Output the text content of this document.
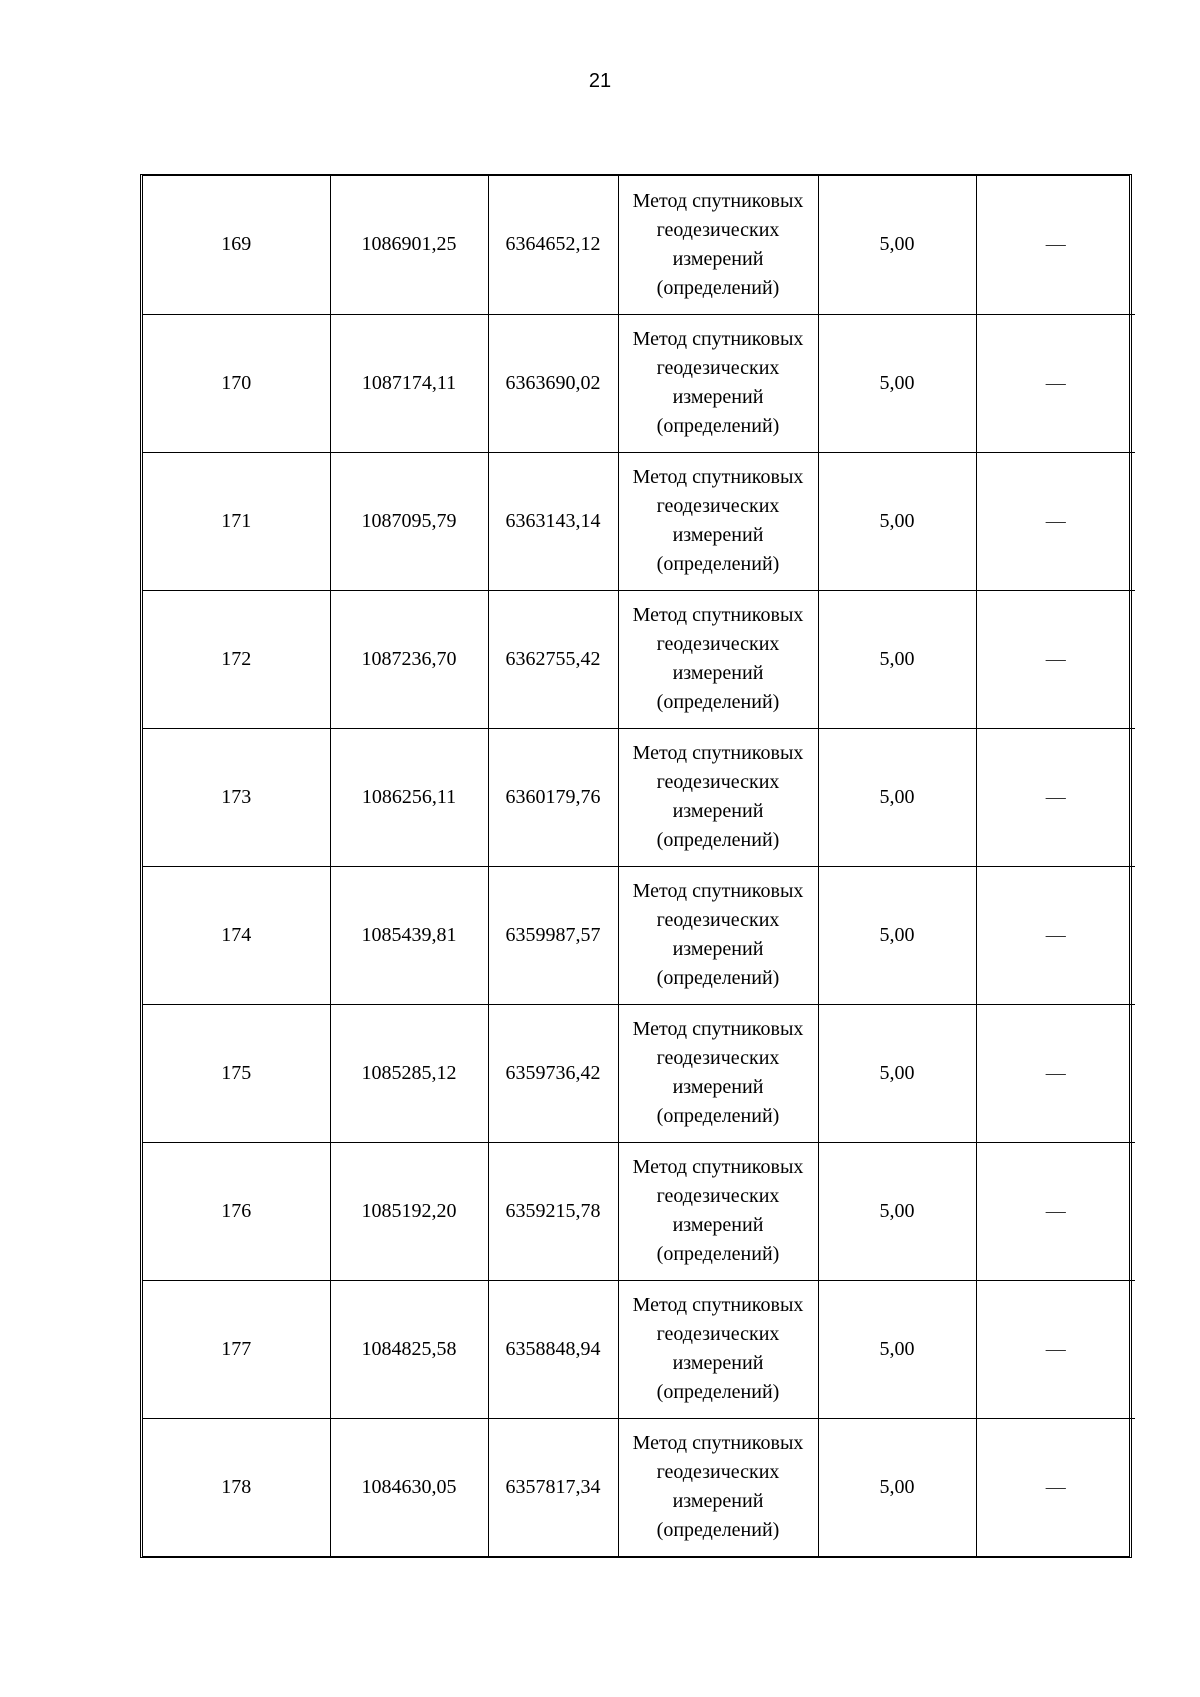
21
169	1086901,25	6364652,12	Метод спутниковых
геодезических
измерений
(определений)	5,00	—
170	1087174,11	6363690,02	Метод спутниковых
геодезических
измерений
(определений)	5,00	—
171	1087095,79	6363143,14	Метод спутниковых
геодезических
измерений
(определений)	5,00	—
172	1087236,70	6362755,42	Метод спутниковых
геодезических
измерений
(определений)	5,00	—
173	1086256,11	6360179,76	Метод спутниковых
геодезических
измерений
(определений)	5,00	—
174	1085439,81	6359987,57	Метод спутниковых
геодезических
измерений
(определений)	5,00	—
175	1085285,12	6359736,42	Метод спутниковых
геодезических
измерений
(определений)	5,00	—
176	1085192,20	6359215,78	Метод спутниковых
геодезических
измерений
(определений)	5,00	—
177	1084825,58	6358848,94	Метод спутниковых
геодезических
измерений
(определений)	5,00	—
178	1084630,05	6357817,34	Метод спутниковых
геодезических
измерений
(определений)	5,00	—
